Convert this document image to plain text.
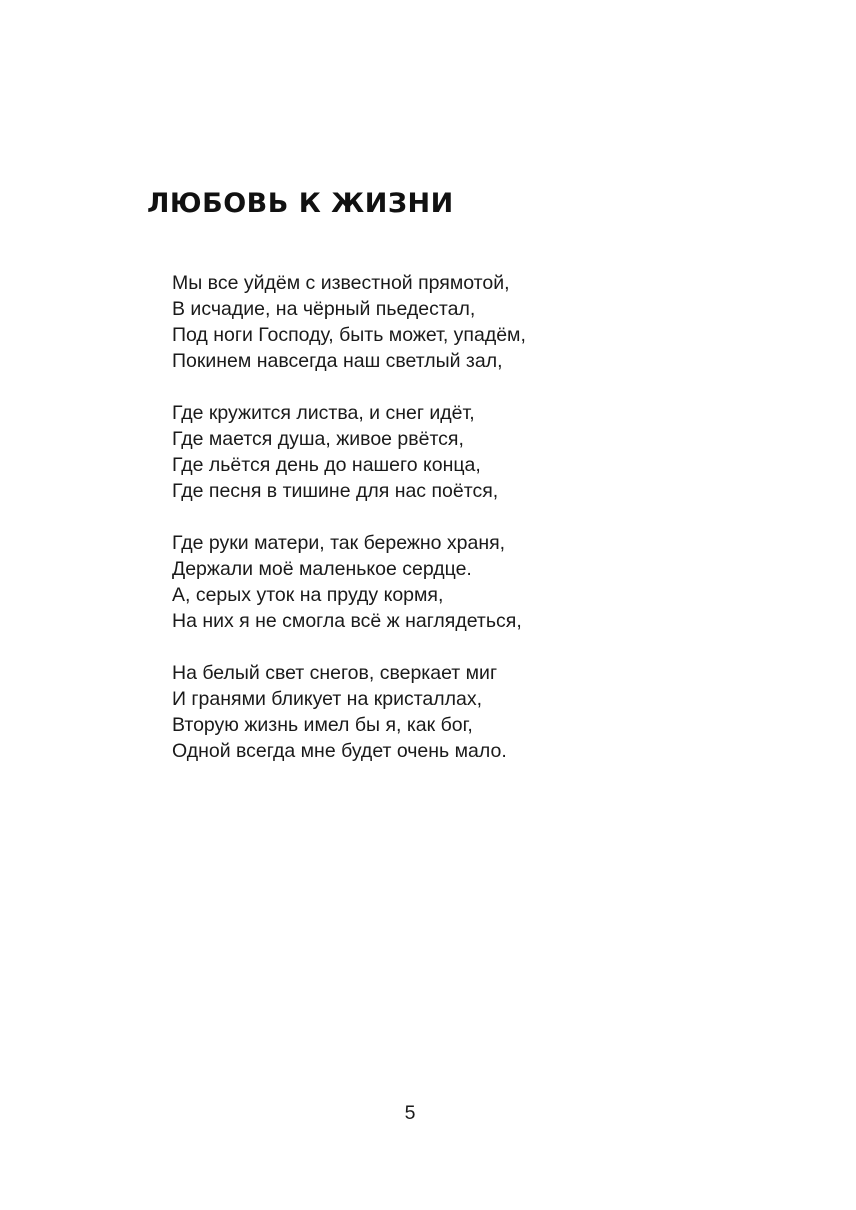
ЛЮБОВЬ К ЖИЗНИ
Мы все уйдём с известной прямотой,
В исчадие, на чёрный пьедестал,
Под ноги Господу, быть может, упадём,
Покинем навсегда наш светлый зал,
Где кружится листва, и снег идёт,
Где мается душа, живое рвётся,
Где льётся день до нашего конца,
Где песня в тишине для нас поётся,
Где руки матери, так бережно храня,
Держали моё маленькое сердце.
А, серых уток на пруду кормя,
На них я не смогла всё ж наглядеться,
На белый свет снегов, сверкает миг
И гранями бликует на кристаллах,
Вторую жизнь имел бы я, как бог,
Одной всегда мне будет очень мало.
5
